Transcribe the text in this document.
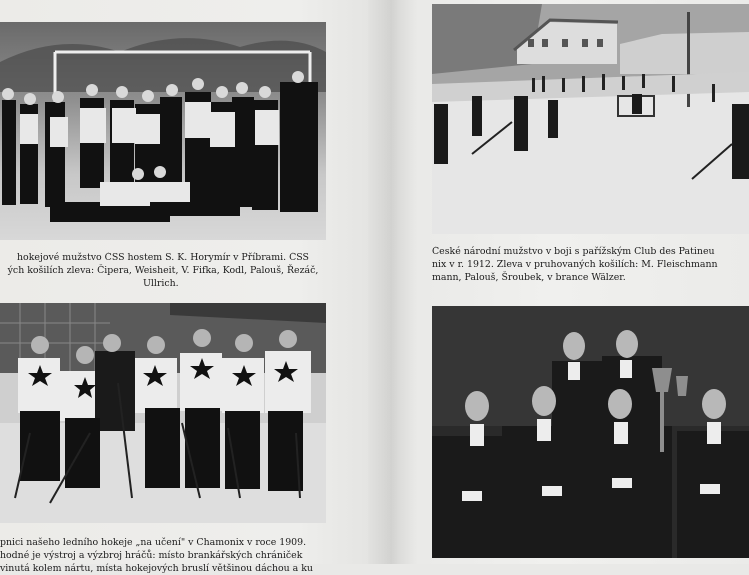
hokejové mužstvo ČSS hostem S. K. Horymír v Příbrami. ČSS
ých košilích zleva: Čipera, Weisheit, V. Fifka, Kodl, Palouš, Řezáč,
Ullrich.
České národní mužstvo v boji s pařížským Club des Patineu
nix v r. 1912. Zleva v pruhovaných košilích: M. Fleischmann
mann, Palouš, Šroubek, v brance Wälzer.
pnici našeho ledního hokeje „na učení" v Chamonix v roce 1909.
hodné je výstroj a výzbroj hráčů: místo brankářských chrániček
vinutá kolem nártu, místa hokejových bruslí většinou dáchou a ku
